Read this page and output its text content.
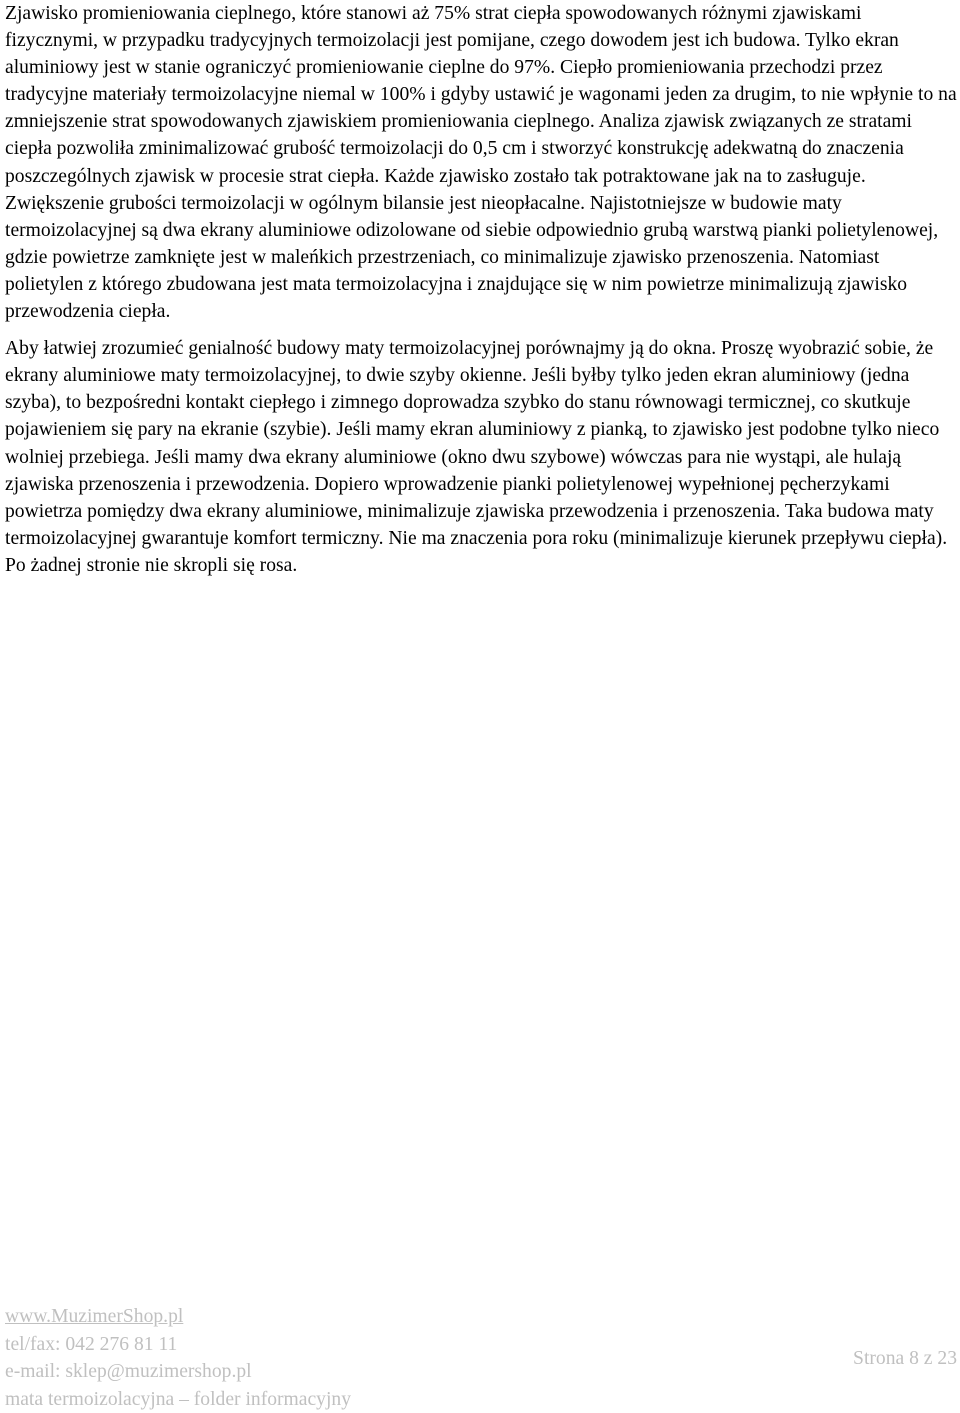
Zjawisko promieniowania cieplnego, które stanowi aż 75% strat ciepła spowodowanych różnymi zjawiskami fizycznymi, w przypadku tradycyjnych termoizolacji jest pomijane, czego dowodem jest ich budowa. Tylko ekran aluminiowy jest w stanie ograniczyć promieniowanie cieplne do 97%. Ciepło promieniowania przechodzi przez tradycyjne materiały termoizolacyjne niemal w 100% i gdyby ustawić je wagonami jeden za drugim, to nie wpłynie to na zmniejszenie strat spowodowanych zjawiskiem promieniowania cieplnego. Analiza zjawisk związanych ze stratami ciepła pozwoliła zminimalizować grubość termoizolacji do 0,5 cm i stworzyć konstrukcję adekwatną do znaczenia poszczególnych zjawisk w procesie strat ciepła. Każde zjawisko zostało tak potraktowane jak na to zasługuje. Zwiększenie grubości termoizolacji w ogólnym bilansie jest nieopłacalne. Najistotniejsze w budowie maty termoizolacyjnej są dwa ekrany aluminiowe odizolowane od siebie odpowiednio grubą warstwą pianki polietylenowej, gdzie powietrze zamknięte jest w maleńkich przestrzeniach, co minimalizuje zjawisko przenoszenia. Natomiast polietylen z którego zbudowana jest mata termoizolacyjna i znajdujące się w nim powietrze minimalizują zjawisko przewodzenia ciepła.

Aby łatwiej zrozumieć genialność budowy maty termoizolacyjnej porównajmy ją do okna. Proszę wyobrazić sobie, że ekrany aluminiowe maty termoizolacyjnej, to dwie szyby okienne. Jeśli byłby tylko jeden ekran aluminiowy (jedna szyba), to bezpośredni kontakt ciepłego i zimnego doprowadza szybko do stanu równowagi termicznej, co skutkuje pojawieniem się pary na ekranie (szybie). Jeśli mamy ekran aluminiowy z pianką, to zjawisko jest podobne tylko nieco wolniej przebiega. Jeśli mamy dwa ekrany aluminiowe (okno dwu szybowe) wówczas para nie wystąpi, ale hulają zjawiska przenoszenia i przewodzenia. Dopiero wprowadzenie pianki polietylenowej wypełnionej pęcherzykami powietrza pomiędzy dwa ekrany aluminiowe, minimalizuje zjawiska przewodzenia i przenoszenia. Taka budowa maty termoizolacyjnej gwarantuje komfort termiczny. Nie ma znaczenia pora roku (minimalizuje kierunek przepływu ciepła). Po żadnej stronie nie skropli się rosa.

www.MuzimerShop.pl
tel/fax: 042 276 81 11
e-mail: sklep@muzimershop.pl
mata termoizolacyjna – folder informacyjny
Strona 8 z 23
